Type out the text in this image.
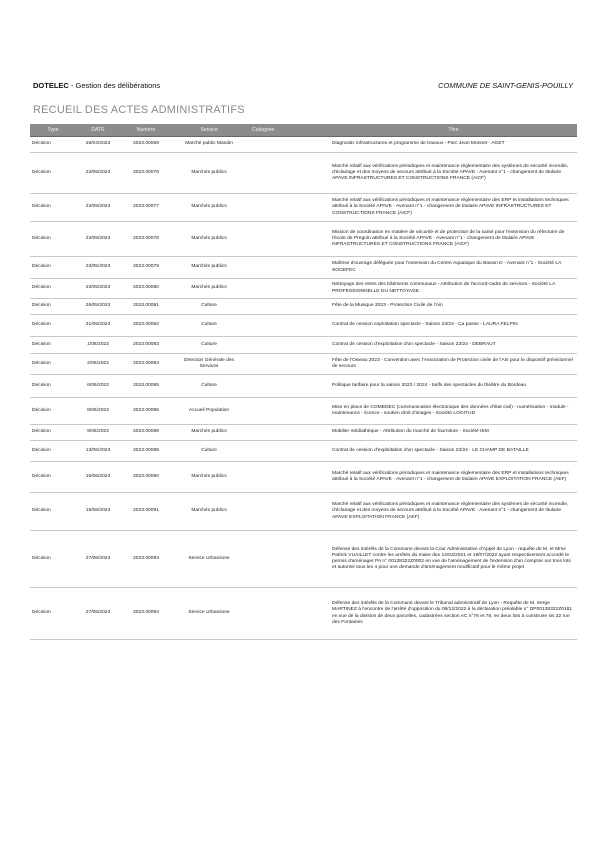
DOTELEC - Gestion des délibérations	COMMUNE DE SAINT-GENIS-POUILLY
RECUEIL DES ACTES ADMINISTRATIFS
Type	DATE	Numéro	Service	Catégorie	Titre
Décision	26/04/2023	2023.00059	Marché public Mandin		Diagnostic infrastructures et programme de travaux - Parc Jean Monnet - AGET
Décision	23/05/2023	2023.00076	Marchés publics		Marché relatif aux vérifications périodiques et maintenance réglementaire des systèmes de sécurité incendie, d'éclairage et des moyens de secours attribué à la Société APAVE - Avenant n°1 - changement de titulaire APAVE INFRASTRUCTURES ET CONSTRUCTIONS FRANCE (AICF)
Décision	23/05/2023	2023.00077	Marchés publics		Marché relatif aux vérifications périodiques et maintenance réglementaire des ERP et installations techniques attribué à la Société APAVE - Avenant n°1 - changement de titulaire APAVE INFRASTRUCTURES ET CONSTRUCTIONS FRANCE (AICF)
Décision	23/05/2023	2023.00078	Marchés publics		Mission de coordination en matière de sécurité et de protection de la santé pour l'extension du réfectoire de l'école de Pregnin attribué à la Société APAVE - Avenant n°1 - changement de titulaire APAVE INFRASTRUCTURES ET CONSTRUCTIONS FRANCE (AICF)
Décision	23/05/2023	2023.00079	Marchés publics		Maîtrise d'ouvrage déléguée pour l'extension du Centre Aquatique du Bassin D - Avenant n°1 - Société LA SOGEFEC
Décision	23/05/2023	2023.00080	Marchés publics		Nettoyage des vitres des bâtiments communaux - Attribution de l'accord-cadre de services - Société LA PROFESSIONNELLE DU NETTOYAGE
Décision	26/05/2023	2023.00081	Culture		Fête de la Musique 2023 - Protection Civile de l'Ain
Décision	31/05/2023	2023.00082	Culture		Contrat de cession exploitation spectacle - Saison 23/24 - Ça passe - LAURA FELPIN
Décision	1/06/2023	2023.00083	Culture		Contrat de cession d'exploitation d'un spectacle - Saison 23/24 - DEBRAUT
Décision	2/06/2023	2023.00084	Direction Générale des Services		Fête de l'Oiseau 2023 - Convention avec l'Association de Protection civile de l'Ain pour le dispositif prévisionnel de secours
Décision	6/06/2023	2023.00085	Culture		Politique tarifaire pour la saison 2023 / 2024 - tarifs des spectacles du théâtre du Bordeau
Décision	8/06/2023	2023.00086	Accueil Population		Mise en place de COMEDEC (communication électronique des données d'état civil) - numérisation - module - maintenance - licence - soutien droit d'images - Société LOGITUD
Décision	9/06/2023	2023.00088	Marchés publics		Mobilier médiathèque - Attribution du marché de fourniture - Société IEM
Décision	13/06/2023	2023.00089	Culture		Contrat de cession d'exploitation d'un spectacle - Saison 23/24 - LE CHAMP DE BATAILLE
Décision	15/06/2023	2023.00090	Marchés publics		Marché relatif aux vérifications périodiques et maintenance réglementaire des ERP et installations techniques attribué à la Société APAVE - Avenant n°1 - changement de titulaire APAVE EXPLOITATION FRANCE (AEF)
Décision	15/06/2023	2023.00091	Marchés publics		Marché relatif aux vérifications périodiques et maintenance réglementaire des systèmes de sécurité incendie, d'éclairage et des moyens de secours attribué à la Société APAVE - Avenant n°1 - changement de titulaire APAVE EXPLOITATION FRANCE (AEF)
Décision	27/06/2023	2023.00093	Service Urbanisme		Défense des intérêts de la Commune devant la Cour Administrative d'Appel de Lyon - requête de M. et Mme Patrick VUAILLET contre les arrêtés du maire des 14/03/2021 et 19/07/2022 ayant respectivement accordé le permis d'aménager PA n° 00138322Z0002 en vue de l'aménagement de l'extension d'un comptoir sur trois lots et autorisé tous les 4 pour une demande d'aménagement modificatif pour le même projet
Décision	27/06/2023	2023.00094	Service Urbanisme		Défense des intérêts de la Commune devant le Tribunal administratif de Lyon - Requête de M. Serge MARTINEZ à l'encontre de l'arrêté d'opposition du 08/12/2022 à la déclaration préalable n° DP00138322Z0181 en vue de la division de deux parcelles, cadastrées section AC n°76 et 78, en deux lots à construire sis 32 rue des Fontaines
